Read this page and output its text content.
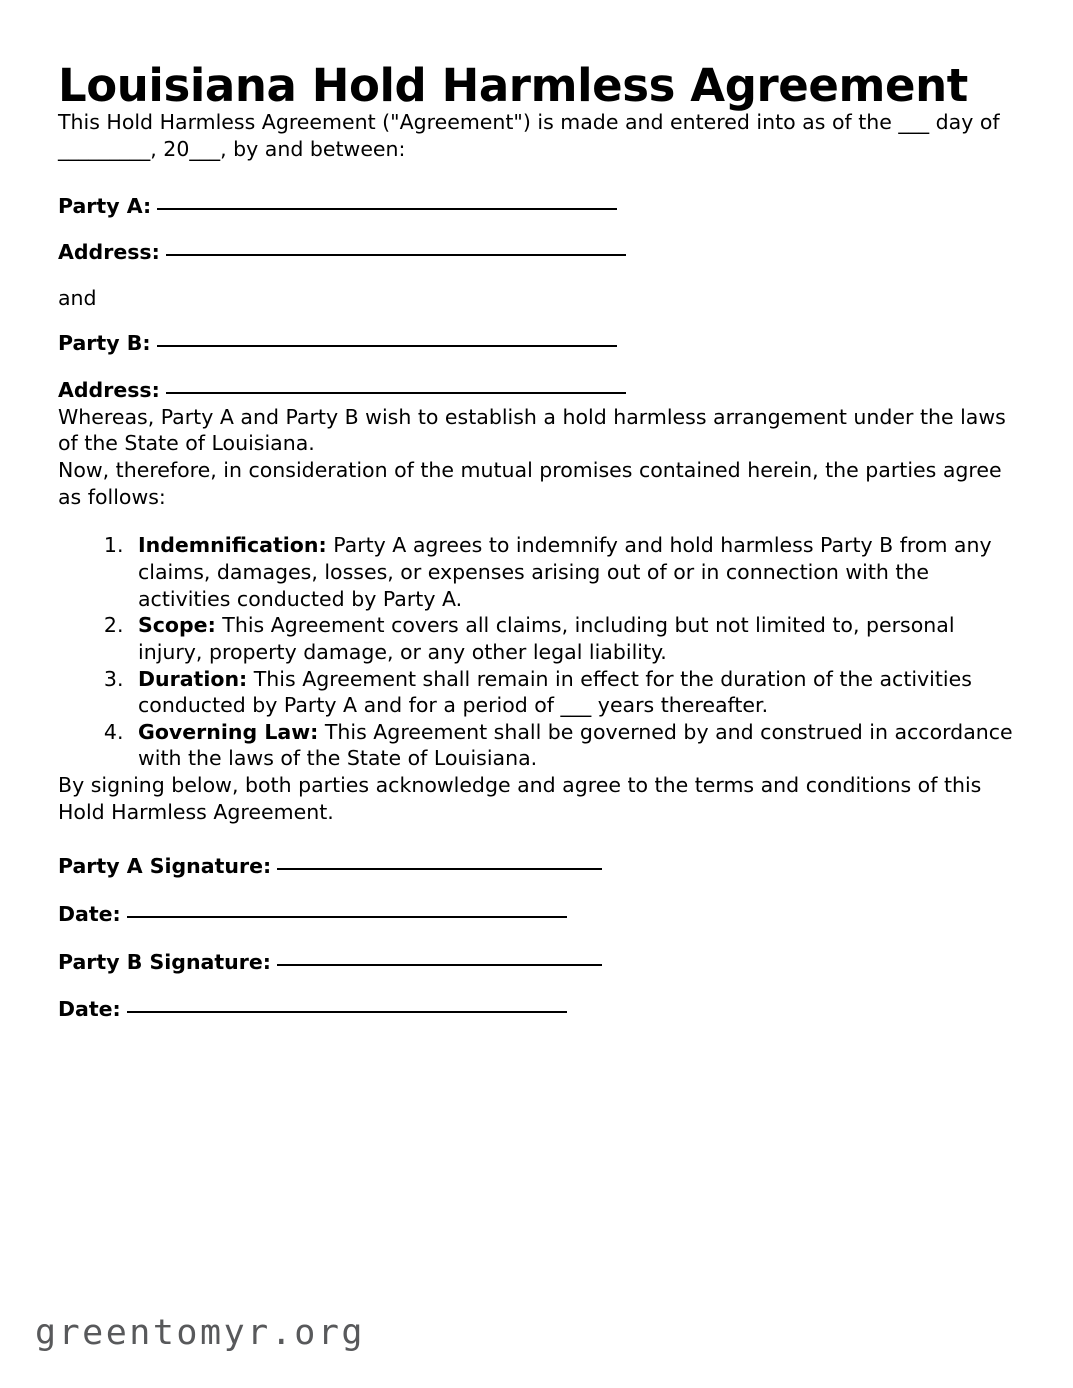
Louisiana Hold Harmless Agreement

This Hold Harmless Agreement ("Agreement") is made and entered into as of the ___ day of _________, 20___, by and between:

Party A:
Address:
and
Party B:
Address:

Whereas, Party A and Party B wish to establish a hold harmless arrangement under the laws of the State of Louisiana.

Now, therefore, in consideration of the mutual promises contained herein, the parties agree as follows:

1. Indemnification: Party A agrees to indemnify and hold harmless Party B from any claims, damages, losses, or expenses arising out of or in connection with the activities conducted by Party A.
2. Scope: This Agreement covers all claims, including but not limited to, personal injury, property damage, or any other legal liability.
3. Duration: This Agreement shall remain in effect for the duration of the activities conducted by Party A and for a period of ___ years thereafter.
4. Governing Law: This Agreement shall be governed by and construed in accordance with the laws of the State of Louisiana.

By signing below, both parties acknowledge and agree to the terms and conditions of this Hold Harmless Agreement.

Party A Signature:
Date:
Party B Signature:
Date:
greentomyr.org
